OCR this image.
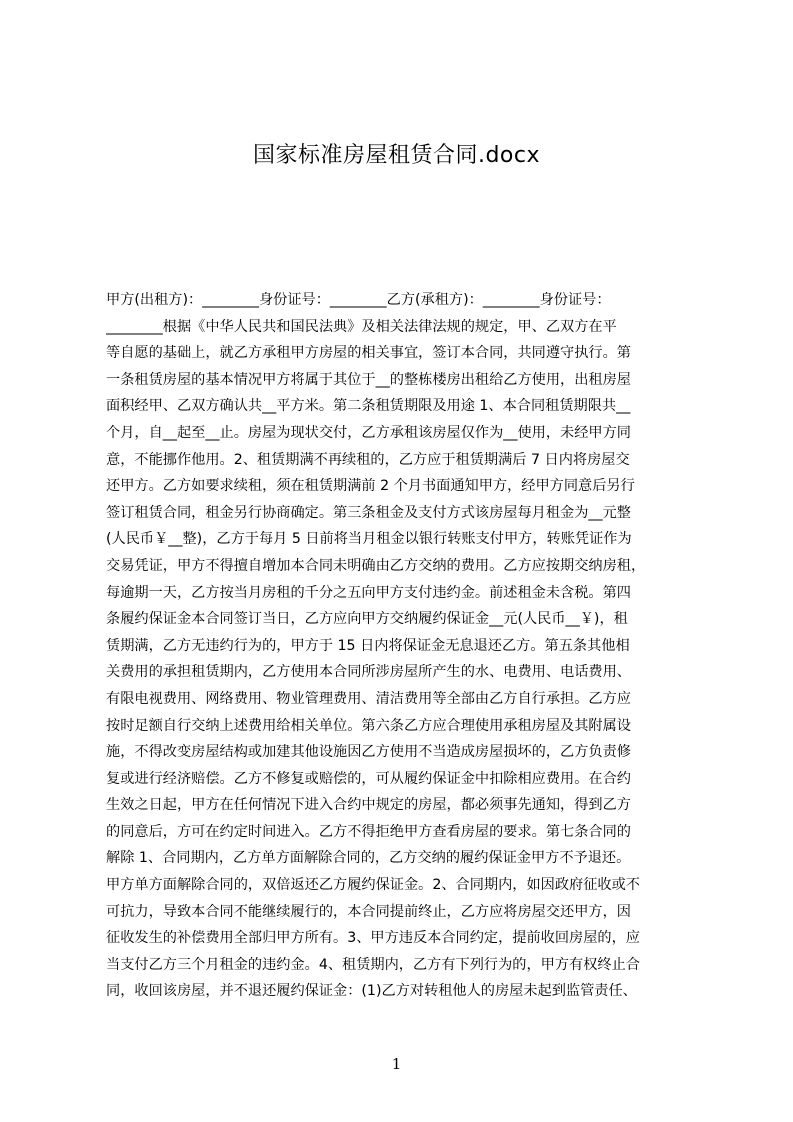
国家标准房屋租赁合同.docx
甲方(出租方)：________身份证号：________乙方(承租方)：________身份证号：
________根据《中华人民共和国民法典》及相关法律法规的规定，甲、乙双方在平
等自愿的基础上，就乙方承租甲方房屋的相关事宜，签订本合同，共同遵守执行。第
一条租赁房屋的基本情况甲方将属于其位于__的整栋楼房出租给乙方使用，出租房屋
面积经甲、乙双方确认共__平方米。第二条租赁期限及用途 1、本合同租赁期限共__
个月，自__起至__止。房屋为现状交付，乙方承租该房屋仅作为__使用，未经甲方同
意，不能挪作他用。2、租赁期满不再续租的，乙方应于租赁期满后 7 日内将房屋交
还甲方。乙方如要求续租，须在租赁期满前 2 个月书面通知甲方，经甲方同意后另行
签订租赁合同，租金另行协商确定。第三条租金及支付方式该房屋每月租金为__元整
(人民币￥__整)，乙方于每月 5 日前将当月租金以银行转账支付甲方，转账凭证作为
交易凭证，甲方不得擅自增加本合同未明确由乙方交纳的费用。乙方应按期交纳房租，
每逾期一天，乙方按当月房租的千分之五向甲方支付违约金。前述租金未含税。第四
条履约保证金本合同签订当日，乙方应向甲方交纳履约保证金__元(人民币__￥)，租
赁期满，乙方无违约行为的，甲方于 15 日内将保证金无息退还乙方。第五条其他相
关费用的承担租赁期内，乙方使用本合同所涉房屋所产生的水、电费用、电话费用、
有限电视费用、网络费用、物业管理费用、清洁费用等全部由乙方自行承担。乙方应
按时足额自行交纳上述费用给相关单位。第六条乙方应合理使用承租房屋及其附属设
施，不得改变房屋结构或加建其他设施因乙方使用不当造成房屋损坏的，乙方负责修
复或进行经济赔偿。乙方不修复或赔偿的，可从履约保证金中扣除相应费用。在合约
生效之日起，甲方在任何情况下进入合约中规定的房屋，都必须事先通知，得到乙方
的同意后，方可在约定时间进入。乙方不得拒绝甲方查看房屋的要求。第七条合同的
解除 1、合同期内，乙方单方面解除合同的，乙方交纳的履约保证金甲方不予退还。
甲方单方面解除合同的，双倍返还乙方履约保证金。2、合同期内，如因政府征收或不
可抗力，导致本合同不能继续履行的，本合同提前终止，乙方应将房屋交还甲方，因
征收发生的补偿费用全部归甲方所有。3、甲方违反本合同约定，提前收回房屋的，应
当支付乙方三个月租金的违约金。4、租赁期内，乙方有下列行为的，甲方有权终止合
同，收回该房屋，并不退还履约保证金：(1)乙方对转租他人的房屋未起到监管责任、
1
